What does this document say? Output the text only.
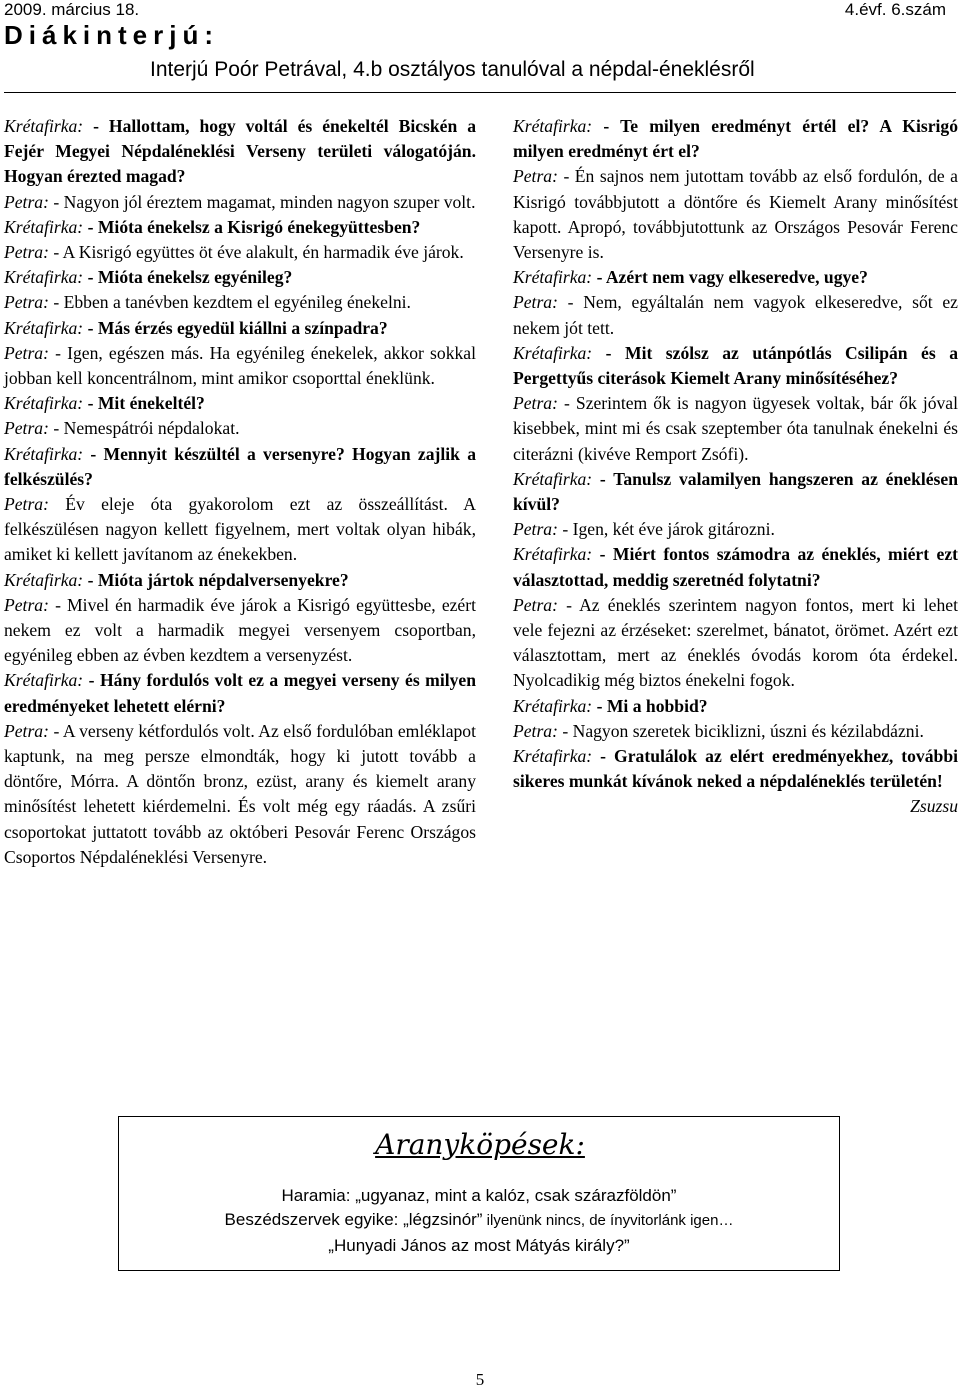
2009. március 18.	4.évf. 6.szám
Diákinterjú:
Interjú Poór Petrával, 4.b osztályos tanulóval a népdal-éneklésről

Krétafirka: - Hallottam, hogy voltál és énekeltél Bicskén a Fejér Megyei Népdaléneklési Verseny területi válogatóján. Hogyan érezted magad?

Petra: - Nagyon jól éreztem magamat, minden nagyon szuper volt.

Krétafirka: - Mióta énekelsz a Kisrigó énekegyüttesben?

Petra: - A Kisrigó együttes öt éve alakult, én harmadik éve járok.

Krétafirka: - Mióta énekelsz egyénileg?

Petra: - Ebben a tanévben kezdtem el egyénileg énekelni.

Krétafirka: - Más érzés egyedül kiállni a színpadra?

Petra: - Igen, egészen más. Ha egyénileg énekelek, akkor sokkal jobban kell koncentrálnom, mint amikor csoporttal éneklünk.

Krétafirka: - Mit énekeltél?

Petra: - Nemespátrói népdalokat.

Krétafirka: - Mennyit készültél a versenyre? Hogyan zajlik a felkészülés?

Petra: Év eleje óta gyakorolom ezt az összeállítást. A felkészülésen nagyon kellett figyelnem, mert voltak olyan hibák, amiket ki kellett javítanom az énekekben.

Krétafirka: - Mióta jártok népdalversenyekre?

Petra: - Mivel én harmadik éve járok a Kisrigó együttesbe, ezért nekem ez volt a harmadik megyei versenyem csoportban, egyénileg ebben az évben kezdtem a versenyzést.

Krétafirka: - Hány fordulós volt ez a megyei verseny és milyen eredményeket lehetett elérni?

Petra: - A verseny kétfordulós volt. Az első fordulóban emléklapot kaptunk, na meg persze elmondták, hogy ki jutott tovább a döntőre, Mórra. A döntőn bronz, ezüst, arany és kiemelt arany minősítést lehetett kiérdemelni. És volt még egy ráadás. A zsűri csoportokat juttatott tovább az októberi Pesovár Ferenc Országos Csoportos Népdaléneklési Versenyre.

Krétafirka: - Te milyen eredményt értél el? A Kisrigó milyen eredményt ért el?

Petra: - Én sajnos nem jutottam tovább az első fordulón, de a Kisrigó továbbjutott a döntőre és Kiemelt Arany minősítést kapott. Apropó, továbbjutottunk az Országos Pesovár Ferenc Versenyre is.

Krétafirka: - Azért nem vagy elkeseredve, ugye?

Petra: - Nem, egyáltalán nem vagyok elkeseredve, sőt ez nekem jót tett.

Krétafirka: - Mit szólsz az utánpótlás Csilipán és a Pergettyűs citerások Kiemelt Arany minősítéséhez?

Petra: - Szerintem ők is nagyon ügyesek voltak, bár ők jóval kisebbek, mint mi és csak szeptember óta tanulnak énekelni és citerázni (kivéve Remport Zsófi).

Krétafirka: - Tanulsz valamilyen hangszeren az éneklésen kívül?

Petra: - Igen, két éve járok gitározni.

Krétafirka: - Miért fontos számodra az éneklés, miért ezt választottad, meddig szeretnéd folytatni?

Petra: - Az éneklés szerintem nagyon fontos, mert ki lehet vele fejezni az érzéseket: szerelmet, bánatot, örömet. Azért ezt választottam, mert az éneklés óvodás korom óta érdekel. Nyolcadikig még biztos énekelni fogok.

Krétafirka: - Mi a hobbid?

Petra: - Nagyon szeretek biciklizni, úszni és kézilabdázni.

Krétafirka: - Gratulálok az elért eredményekhez, további sikeres munkát kívánok neked a népdaléneklés területén!

Zsuzsu

Aranyköpések:
Haramia: „ugyanaz, mint a kalóz, csak szárazföldön”
Beszédszervek egyike: „légzsinór” ilyenünk nincs, de ínyvitorlánk igen…
„Hunyadi János az most Mátyás király?”
5
